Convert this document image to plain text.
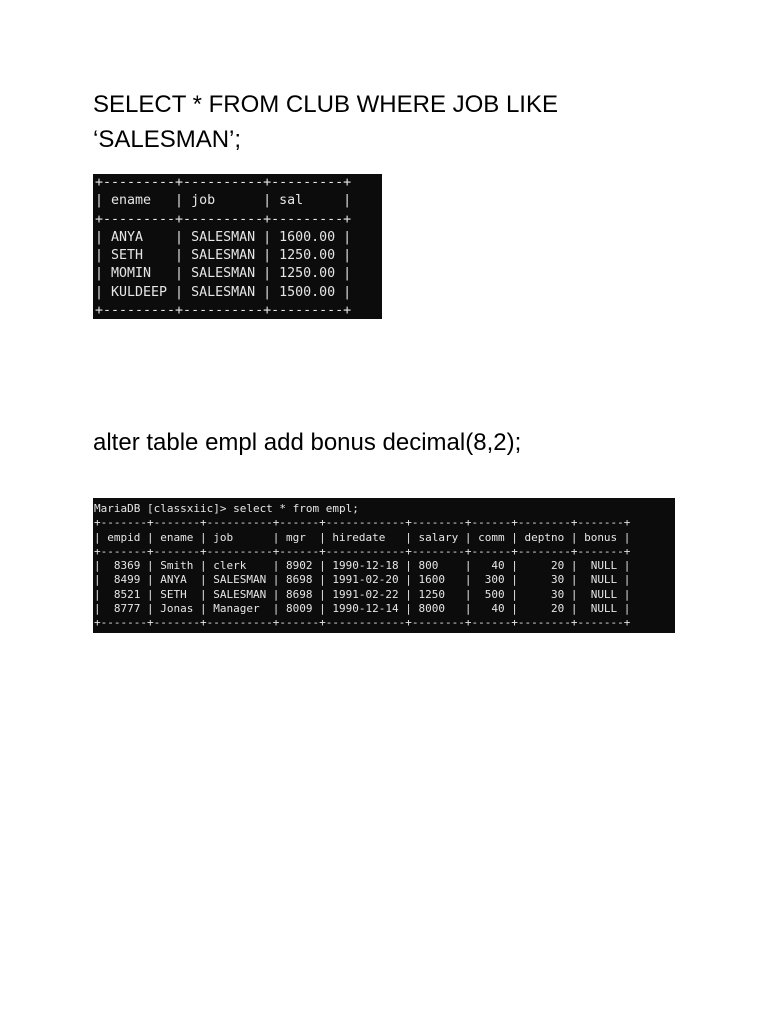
SELECT * FROM CLUB WHERE JOB LIKE
‘SALESMAN’;

+---------+----------+---------+
| ename   | job      | sal     |
+---------+----------+---------+
| ANYA    | SALESMAN | 1600.00 |
| SETH    | SALESMAN | 1250.00 |
| MOMIN   | SALESMAN | 1250.00 |
| KULDEEP | SALESMAN | 1500.00 |
+---------+----------+---------+

alter table empl add bonus decimal(8,2);

MariaDB [classxiic]> select * from empl;
+-------+-------+----------+------+------------+--------+------+--------+-------+
| empid | ename | job      | mgr  | hiredate   | salary | comm | deptno | bonus |
+-------+-------+----------+------+------------+--------+------+--------+-------+
|  8369 | Smith | clerk    | 8902 | 1990-12-18 | 800    |   40 |     20 |  NULL |
|  8499 | ANYA  | SALESMAN | 8698 | 1991-02-20 | 1600   |  300 |     30 |  NULL |
|  8521 | SETH  | SALESMAN | 8698 | 1991-02-22 | 1250   |  500 |     30 |  NULL |
|  8777 | Jonas | Manager  | 8009 | 1990-12-14 | 8000   |   40 |     20 |  NULL |
+-------+-------+----------+------+------------+--------+------+--------+-------+
